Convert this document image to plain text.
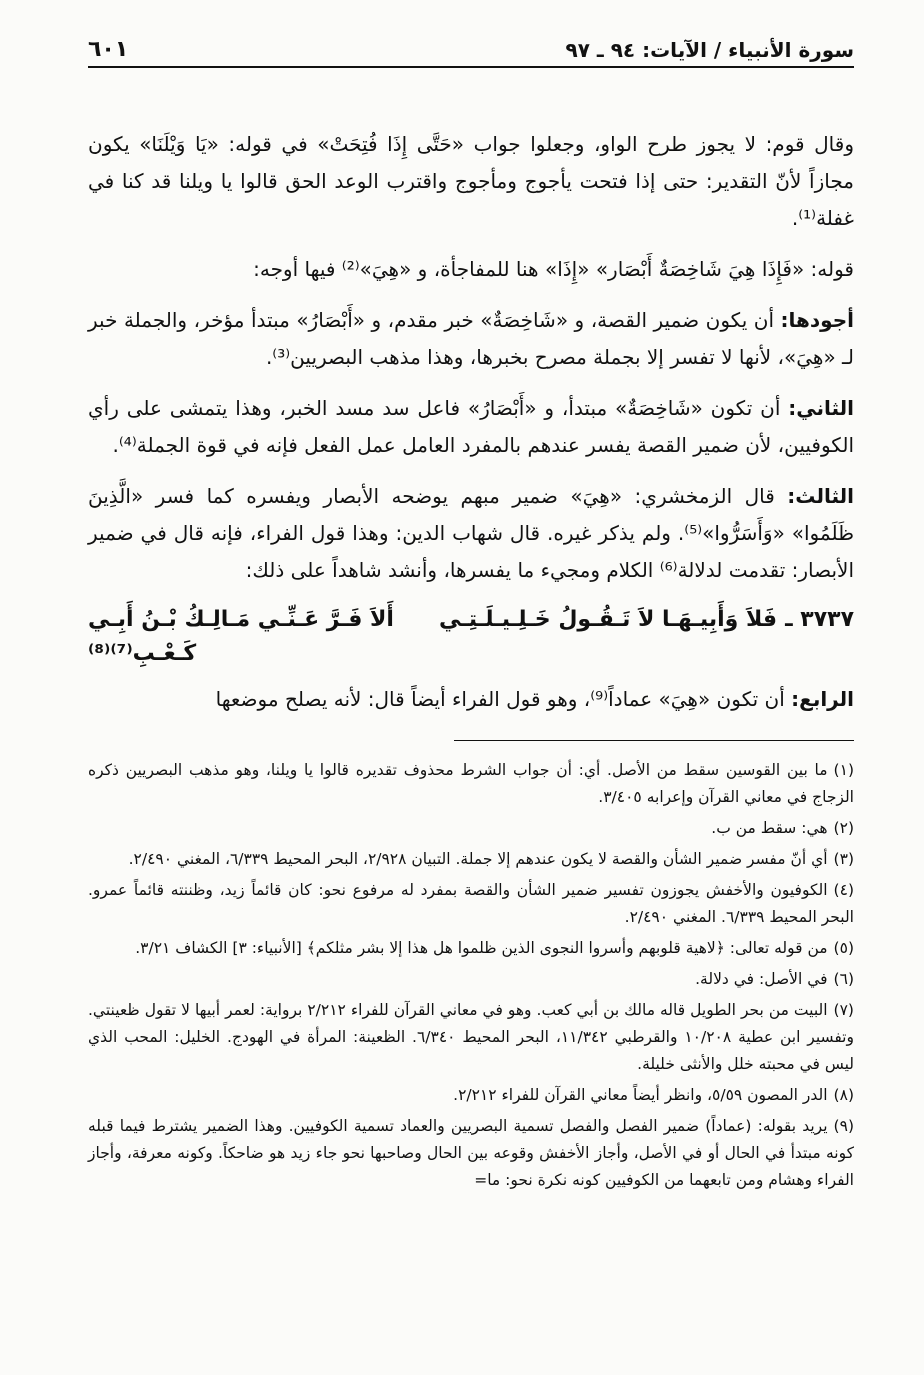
سورة الأنبياء / الآيات: ٩٤ ـ ٩٧
٦٠١

وقال قوم: لا يجوز طرح الواو، وجعلوا جواب «حَتَّى إِذَا فُتِحَتْ» في قوله: «يَا وَيْلَنَا» يكون مجازاً لأنّ التقدير: حتى إذا فتحت يأجوج ومأجوج واقترب الوعد الحق قالوا يا ويلنا قد كنا في غفلة⁽¹⁾.

قوله: «فَإِذَا هِيَ شَاخِصَةٌ أَبْصَار» «إِذَا» هنا للمفاجأة، و «هِيَ»⁽²⁾ فيها أوجه:

أجودها: أن يكون ضمير القصة، و «شَاخِصَةٌ» خبر مقدم، و «أَبْصَارُ» مبتدأ مؤخر، والجملة خبر لـ «هِيَ»، لأنها لا تفسر إلا بجملة مصرح بخبرها، وهذا مذهب البصريين⁽³⁾.

الثاني: أن تكون «شَاخِصَةٌ» مبتدأ، و «أَبْصَارُ» فاعل سد مسد الخبر، وهذا يتمشى على رأي الكوفيين، لأن ضمير القصة يفسر عندهم بالمفرد العامل عمل الفعل فإنه في قوة الجملة⁽⁴⁾.

الثالث: قال الزمخشري: «هِيَ» ضمير مبهم يوضحه الأبصار ويفسره كما فسر «الَّذِينَ ظَلَمُوا» «وَأَسَرُّوا»⁽⁵⁾. ولم يذكر غيره. قال شهاب الدين: وهذا قول الفراء، فإنه قال في ضمير الأبصار: تقدمت لدلالة⁽⁶⁾ الكلام ومجيء ما يفسرها، وأنشد شاهداً على ذلك:

٣٧٣٧ ـ
فَلاَ وَأَبِيـهَـا لاَ تَـقُـولُ خَـلِـيـلَـتِـي
أَلاَ فَـرَّ عَـنِّـي مَـالِـكُ بْـنُ أَبِـي كَـعْـبِ⁽⁷⁾⁽⁸⁾

الرابع: أن تكون «هِيَ» عماداً⁽⁹⁾، وهو قول الفراء أيضاً قال: لأنه يصلح موضعها

(١)ما بين القوسين سقط من الأصل. أي: أن جواب الشرط محذوف تقديره قالوا يا ويلنا، وهو مذهب البصريين ذكره الزجاج في معاني القرآن وإعرابه ٣/٤٠٥.
(٢)هي: سقط من ب.
(٣)أي أنّ مفسر ضمير الشأن والقصة لا يكون عندهم إلا جملة. التبيان ٢/٩٢٨، البحر المحيط ٦/٣٣٩، المغني ٢/٤٩٠.
(٤)الكوفيون والأخفش يجوزون تفسير ضمير الشأن والقصة بمفرد له مرفوع نحو: كان قائماً زيد، وظننته قائماً عمرو. البحر المحيط ٦/٣٣٩. المغني ٢/٤٩٠.
(٥)من قوله تعالى: ﴿لاهية قلوبهم وأسروا النجوى الذين ظلموا هل هذا إلا بشر مثلكم﴾ [الأنبياء: ٣] الكشاف ٣/٢١.
(٦)في الأصل: في دلالة.
(٧)البيت من بحر الطويل قاله مالك بن أبي كعب. وهو في معاني القرآن للفراء ٢/٢١٢ برواية: لعمر أبيها لا تقول ظعينتي. وتفسير ابن عطية ١٠/٢٠٨ والقرطبي ١١/٣٤٢، البحر المحيط ٦/٣٤٠. الظعينة: المرأة في الهودج. الخليل: المحب الذي ليس في محبته خلل والأنثى خليلة.
(٨)الدر المصون ٥/٥٩، وانظر أيضاً معاني القرآن للفراء ٢/٢١٢.
(٩)يريد بقوله: (عماداً) ضمير الفصل والفصل تسمية البصريين والعماد تسمية الكوفيين. وهذا الضمير يشترط فيما قبله كونه مبتدأ في الحال أو في الأصل، وأجاز الأخفش وقوعه بين الحال وصاحبها نحو جاء زيد هو ضاحكاً. وكونه معرفة، وأجاز الفراء وهشام ومن تابعهما من الكوفيين كونه نكرة نحو: ما=
